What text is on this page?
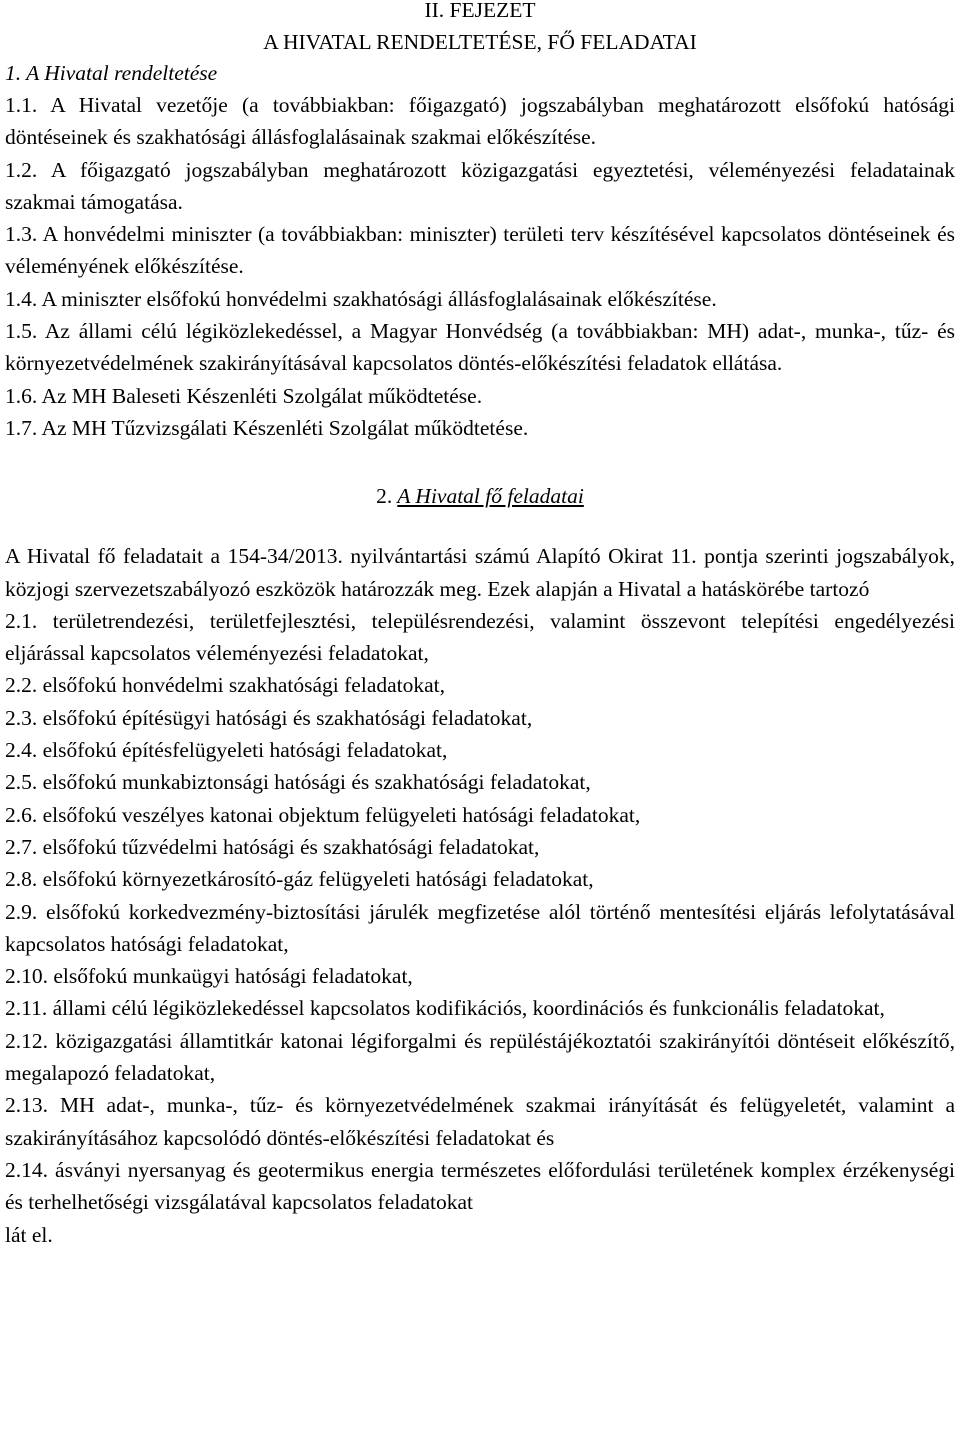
II. FEJEZET
A HIVATAL RENDELTETÉSE, FŐ FELADATAI
1. A Hivatal rendeltetése

1.1. A Hivatal vezetője (a továbbiakban: főigazgató) jogszabályban meghatározott elsőfokú hatósági döntéseinek és szakhatósági állásfoglalásainak szakmai előkészítése.

1.2. A főigazgató jogszabályban meghatározott közigazgatási egyeztetési, véleményezési feladatainak szakmai támogatása.

1.3. A honvédelmi miniszter (a továbbiakban: miniszter) területi terv készítésével kapcsolatos döntéseinek és véleményének előkészítése.

1.4. A miniszter elsőfokú honvédelmi szakhatósági állásfoglalásainak előkészítése.

1.5. Az állami célú légiközlekedéssel, a Magyar Honvédség (a továbbiakban: MH) adat-, munka-, tűz- és környezetvédelmének szakirányításával kapcsolatos döntés-előkészítési feladatok ellátása.

1.6. Az MH Baleseti Készenléti Szolgálat működtetése.

1.7. Az MH Tűzvizsgálati Készenléti Szolgálat működtetése.

2. A Hivatal fő feladatai

A Hivatal fő feladatait a 154-34/2013. nyilvántartási számú Alapító Okirat 11. pontja szerinti jogszabályok, közjogi szervezetszabályozó eszközök határozzák meg. Ezek alapján a Hivatal a hatáskörébe tartozó

2.1. területrendezési, területfejlesztési, településrendezési, valamint összevont telepítési engedélyezési eljárással kapcsolatos véleményezési feladatokat,

2.2. elsőfokú honvédelmi szakhatósági feladatokat,

2.3. elsőfokú építésügyi hatósági és szakhatósági feladatokat,

2.4. elsőfokú építésfelügyeleti hatósági feladatokat,

2.5. elsőfokú munkabiztonsági hatósági és szakhatósági feladatokat,

2.6. elsőfokú veszélyes katonai objektum felügyeleti hatósági feladatokat,

2.7. elsőfokú tűzvédelmi hatósági és szakhatósági feladatokat,

2.8. elsőfokú környezetkárosító-gáz felügyeleti hatósági feladatokat,

2.9. elsőfokú korkedvezmény-biztosítási járulék megfizetése alól történő mentesítési eljárás lefolytatásával kapcsolatos hatósági feladatokat,

2.10. elsőfokú munkaügyi hatósági feladatokat,

2.11. állami célú légiközlekedéssel kapcsolatos kodifikációs, koordinációs és funkcionális feladatokat,

2.12. közigazgatási államtitkár katonai légiforgalmi és repüléstájékoztatói szakirányítói döntéseit előkészítő, megalapozó feladatokat,

2.13. MH adat-, munka-, tűz- és környezetvédelmének szakmai irányítását és felügyeletét, valamint a szakirányításához kapcsolódó döntés-előkészítési feladatokat és

2.14. ásványi nyersanyag és geotermikus energia természetes előfordulási területének komplex érzékenységi és terhelhetőségi vizsgálatával kapcsolatos feladatokat

lát el.
